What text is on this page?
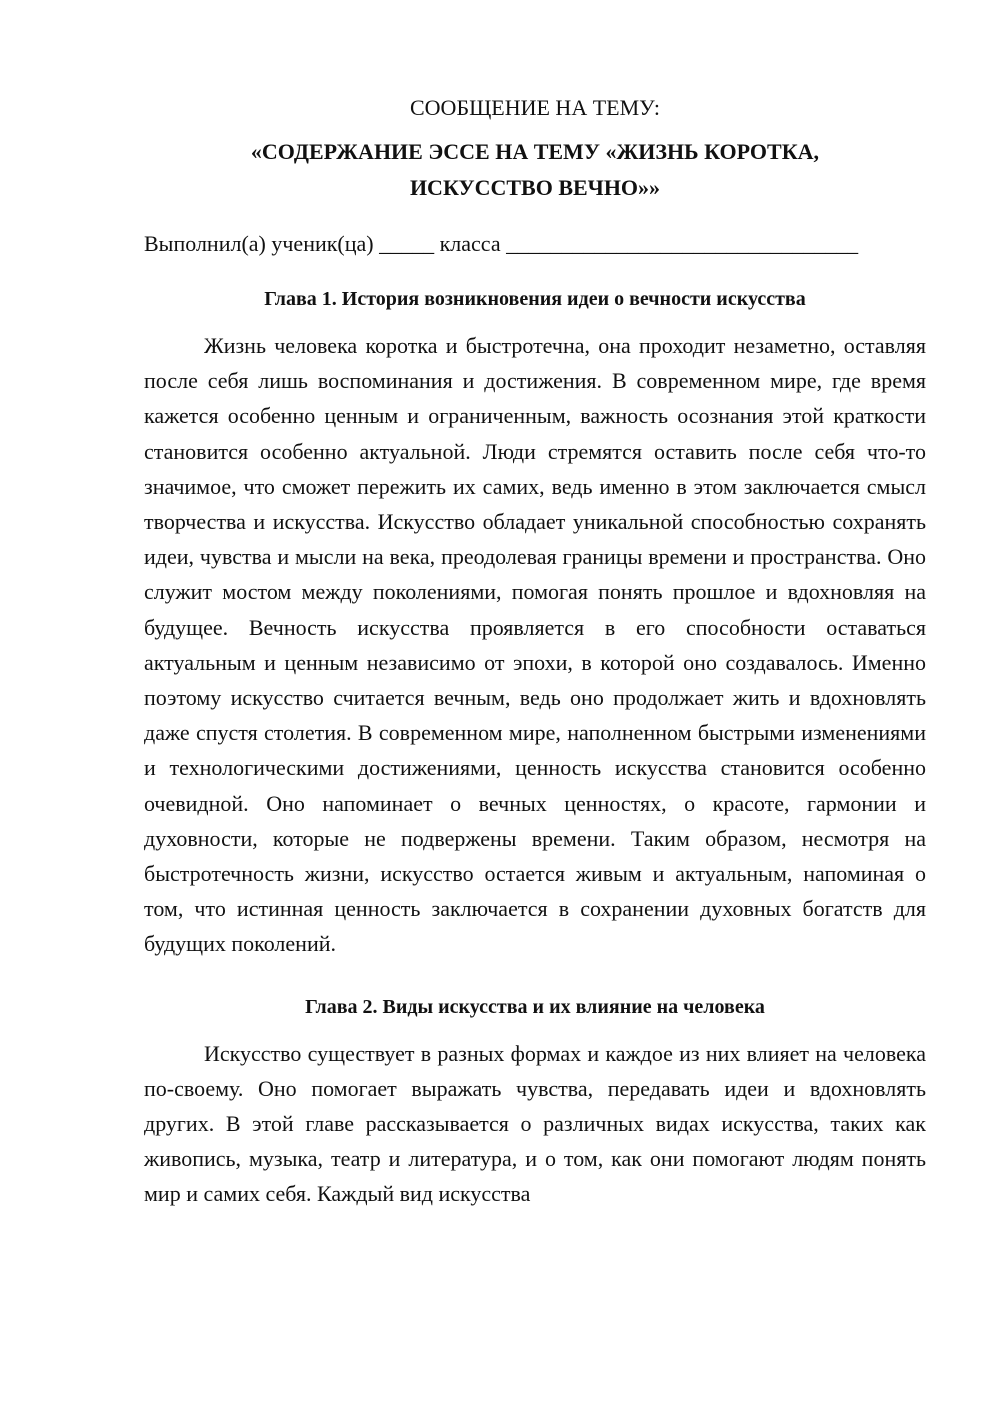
СООБЩЕНИЕ НА ТЕМУ:
«СОДЕРЖАНИЕ ЭССЕ НА ТЕМУ «ЖИЗНЬ КОРОТКА,
ИСКУССТВО ВЕЧНО»»

Выполнил(а) ученик(ца) _____ класса ________________________________

Глава 1. История возникновения идеи о вечности искусства

Жизнь человека коротка и быстротечна, она проходит незаметно, оставляя после себя лишь воспоминания и достижения. В современном мире, где время кажется особенно ценным и ограниченным, важность осознания этой краткости становится особенно актуальной. Люди стремятся оставить после себя что-то значимое, что сможет пережить их самих, ведь именно в этом заключается смысл творчества и искусства. Искусство обладает уникальной способностью сохранять идеи, чувства и мысли на века, преодолевая границы времени и пространства. Оно служит мостом между поколениями, помогая понять прошлое и вдохновляя на будущее. Вечность искусства проявляется в его способности оставаться актуальным и ценным независимо от эпохи, в которой оно создавалось. Именно поэтому искусство считается вечным, ведь оно продолжает жить и вдохновлять даже спустя столетия. В современном мире, наполненном быстрыми изменениями и технологическими достижениями, ценность искусства становится особенно очевидной. Оно напоминает о вечных ценностях, о красоте, гармонии и духовности, которые не подвержены времени. Таким образом, несмотря на быстротечность жизни, искусство остается живым и актуальным, напоминая о том, что истинная ценность заключается в сохранении духовных богатств для будущих поколений.

Глава 2. Виды искусства и их влияние на человека

Искусство существует в разных формах и каждое из них влияет на человека по-своему. Оно помогает выражать чувства, передавать идеи и вдохновлять других. В этой главе рассказывается о различных видах искусства, таких как живопись, музыка, театр и литература, и о том, как они помогают людям понять мир и самих себя. Каждый вид искусства
